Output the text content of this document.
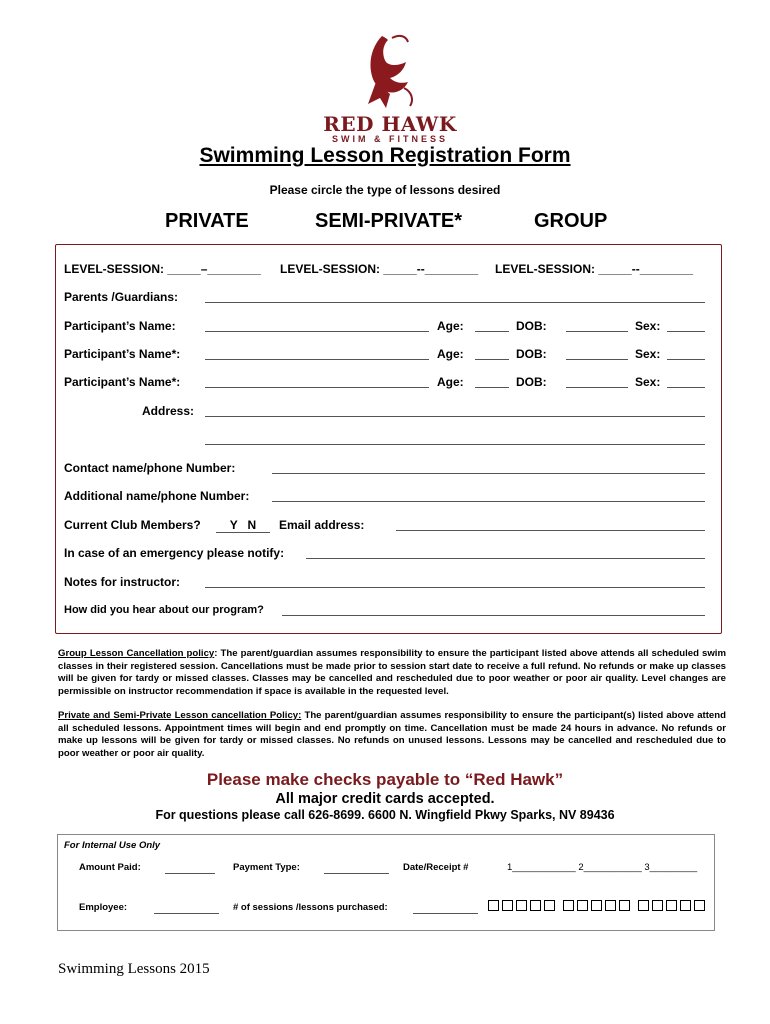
RED HAWK
SWIM & FITNESS
Swimming Lesson Registration Form
Please circle the type of lessons desired
PRIVATE	SEMI-PRIVATE*	GROUP
LEVEL-SESSION: _____–________ LEVEL-SESSION: _____--________ LEVEL-SESSION: _____--________
Parents /Guardians:
Participant’s Name:	Age:	DOB:	Sex:
Participant’s Name*:	Age:	DOB:	Sex:
Participant’s Name*:	Age:	DOB:	Sex:
Address:
Contact name/phone Number:
Additional name/phone Number:
Current Club Members?	Y   N	Email address:
In case of an emergency please notify:
Notes for instructor:
How did you hear about our program?
Group Lesson Cancellation policy: The parent/guardian assumes responsibility to ensure the participant listed above attends all scheduled swim classes in their registered session. Cancellations must be made prior to session start date to receive a full refund. No refunds or make up classes will be given for tardy or missed classes. Classes may be cancelled and rescheduled due to poor weather or poor air quality. Level changes are permissible on instructor recommendation if space is available in the requested level.
Private and Semi-Private Lesson cancellation Policy: The parent/guardian assumes responsibility to ensure the participant(s) listed above attend all scheduled lessons. Appointment times will begin and end promptly on time. Cancellation must be made 24 hours in advance. No refunds or make up lessons will be given for tardy or missed classes. No refunds on unused lessons. Lessons may be cancelled and rescheduled due to poor weather or poor air quality.
Please make checks payable to “Red Hawk”
All major credit cards accepted.
For questions please call 626-8699. 6600 N. Wingfield Pkwy Sparks, NV 89436
For Internal Use Only
Amount Paid:	Payment Type:	Date/Receipt #	1____________ 2___________ 3_________
Employee:	# of sessions /lessons purchased:
Swimming Lessons 2015
